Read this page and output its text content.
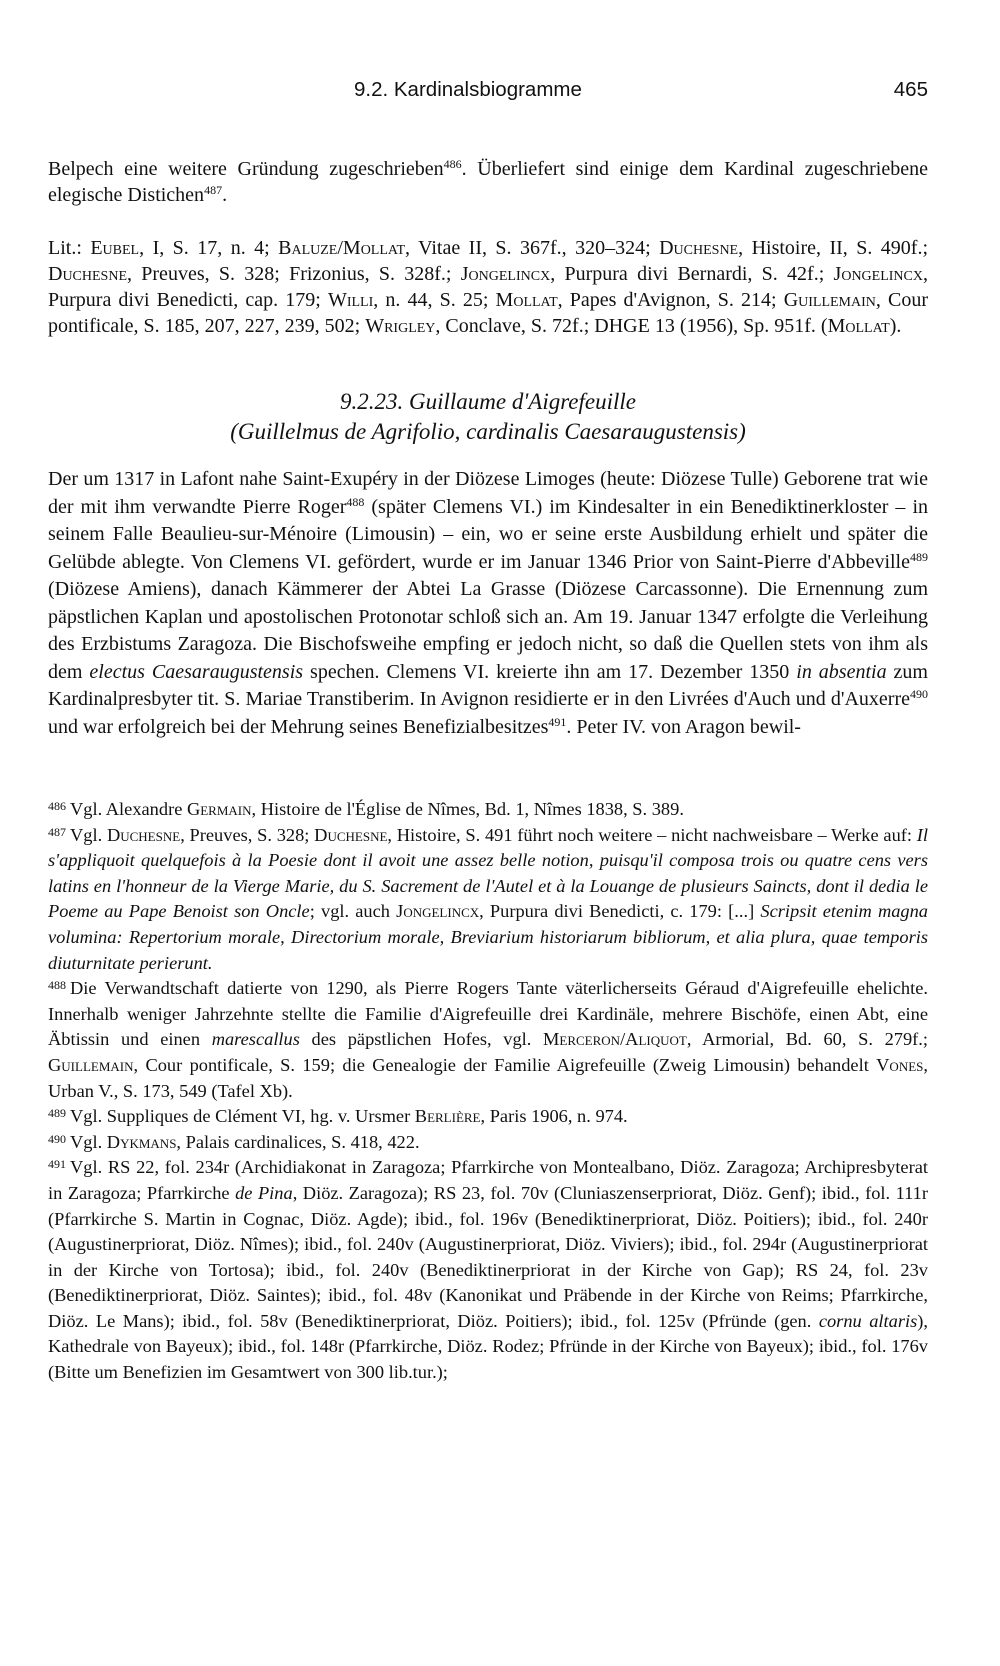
9.2. Kardinalsbiogramme	465

Belpech eine weitere Gründung zugeschrieben$^{486}$. Überliefert sind einige dem Kardinal zugeschriebene elegische Distichen$^{487}$.

Lit.: Eubel, I, S. 17, n. 4; Baluze/Mollat, Vitae II, S. 367f., 320–324; Duchesne, Histoire, II, S. 490f.; Duchesne, Preuves, S. 328; Frizonius, S. 328f.; Jongelincx, Purpura divi Bernardi, S. 42f.; Jongelincx, Purpura divi Benedicti, cap. 179; Willi, n. 44, S. 25; Mollat, Papes d'Avignon, S. 214; Guillemain, Cour pontificale, S. 185, 207, 227, 239, 502; Wrigley, Conclave, S. 72f.; DHGE 13 (1956), Sp. 951f. (Mollat).

9.2.23. Guillaume d'Aigrefeuille
(Guillelmus de Agrifolio, cardinalis Caesaraugustensis)

Der um 1317 in Lafont nahe Saint-Exupéry in der Diözese Limoges (heute: Diözese Tulle) Geborene trat wie der mit ihm verwandte Pierre Roger$^{488}$ (später Clemens VI.) im Kindesalter in ein Benediktinerkloster – in seinem Falle Beaulieu-sur-Ménoire (Limousin) – ein, wo er seine erste Ausbildung erhielt und später die Gelübde ablegte. Von Clemens VI. gefördert, wurde er im Januar 1346 Prior von Saint-Pierre d'Abbeville$^{489}$ (Diözese Amiens), danach Kämmerer der Abtei La Grasse (Diözese Carcassonne). Die Ernennung zum päpstlichen Kaplan und apostolischen Protonotar schloß sich an. Am 19. Januar 1347 erfolgte die Verleihung des Erzbistums Zaragoza. Die Bischofsweihe empfing er jedoch nicht, so daß die Quellen stets von ihm als dem electus Caesaraugustensis spechen. Clemens VI. kreierte ihn am 17. Dezember 1350 in absentia zum Kardinalpresbyter tit. S. Mariae Transtiberim. In Avignon residierte er in den Livrées d'Auch und d'Auxerre$^{490}$ und war erfolgreich bei der Mehrung seines Benefizialbesitzes$^{491}$. Peter IV. von Aragon bewil-

$^{486}$ Vgl. Alexandre Germain, Histoire de l'Église de Nîmes, Bd. 1, Nîmes 1838, S. 389.

$^{487}$ Vgl. Duchesne, Preuves, S. 328; Duchesne, Histoire, S. 491 führt noch weitere – nicht nachweisbare – Werke auf: Il s'appliquoit quelquefois à la Poesie dont il avoit une assez belle notion, puisqu'il composa trois ou quatre cens vers latins en l'honneur de la Vierge Marie, du S. Sacrement de l'Autel et à la Louange de plusieurs Saincts, dont il dedia le Poeme au Pape Benoist son Oncle; vgl. auch Jongelincx, Purpura divi Benedicti, c. 179: [...] Scripsit etenim magna volumina: Repertorium morale, Directorium morale, Breviarium historiarum bibliorum, et alia plura, quae temporis diuturnitate perierunt.

$^{488}$ Die Verwandtschaft datierte von 1290, als Pierre Rogers Tante väterlicherseits Géraud d'Aigrefeuille ehelichte. Innerhalb weniger Jahrzehnte stellte die Familie d'Aigrefeuille drei Kardinäle, mehrere Bischöfe, einen Abt, eine Äbtissin und einen marescallus des päpstlichen Hofes, vgl. Merceron/Aliquot, Armorial, Bd. 60, S. 279f.; Guillemain, Cour pontificale, S. 159; die Genealogie der Familie Aigrefeuille (Zweig Limousin) behandelt Vones, Urban V., S. 173, 549 (Tafel Xb).

$^{489}$ Vgl. Suppliques de Clément VI, hg. v. Ursmer Berlière, Paris 1906, n. 974.

$^{490}$ Vgl. Dykmans, Palais cardinalices, S. 418, 422.

$^{491}$ Vgl. RS 22, fol. 234r (Archidiakonat in Zaragoza; Pfarrkirche von Montealbano, Diöz. Zaragoza; Archipresbyterat in Zaragoza; Pfarrkirche de Pina, Diöz. Zaragoza); RS 23, fol. 70v (Cluniaszenserpriorat, Diöz. Genf); ibid., fol. 111r (Pfarrkirche S. Martin in Cognac, Diöz. Agde); ibid., fol. 196v (Benediktinerpriorat, Diöz. Poitiers); ibid., fol. 240r (Augustinerpriorat, Diöz. Nîmes); ibid., fol. 240v (Augustinerpriorat, Diöz. Viviers); ibid., fol. 294r (Augustinerpriorat in der Kirche von Tortosa); ibid., fol. 240v (Benediktinerpriorat in der Kirche von Gap); RS 24, fol. 23v (Benediktinerpriorat, Diöz. Saintes); ibid., fol. 48v (Kanonikat und Präbende in der Kirche von Reims; Pfarrkirche, Diöz. Le Mans); ibid., fol. 58v (Benediktinerpriorat, Diöz. Poitiers); ibid., fol. 125v (Pfründe (gen. cornu altaris), Kathedrale von Bayeux); ibid., fol. 148r (Pfarrkirche, Diöz. Rodez; Pfründe in der Kirche von Bayeux); ibid., fol. 176v (Bitte um Benefizien im Gesamtwert von 300 lib.tur.);
